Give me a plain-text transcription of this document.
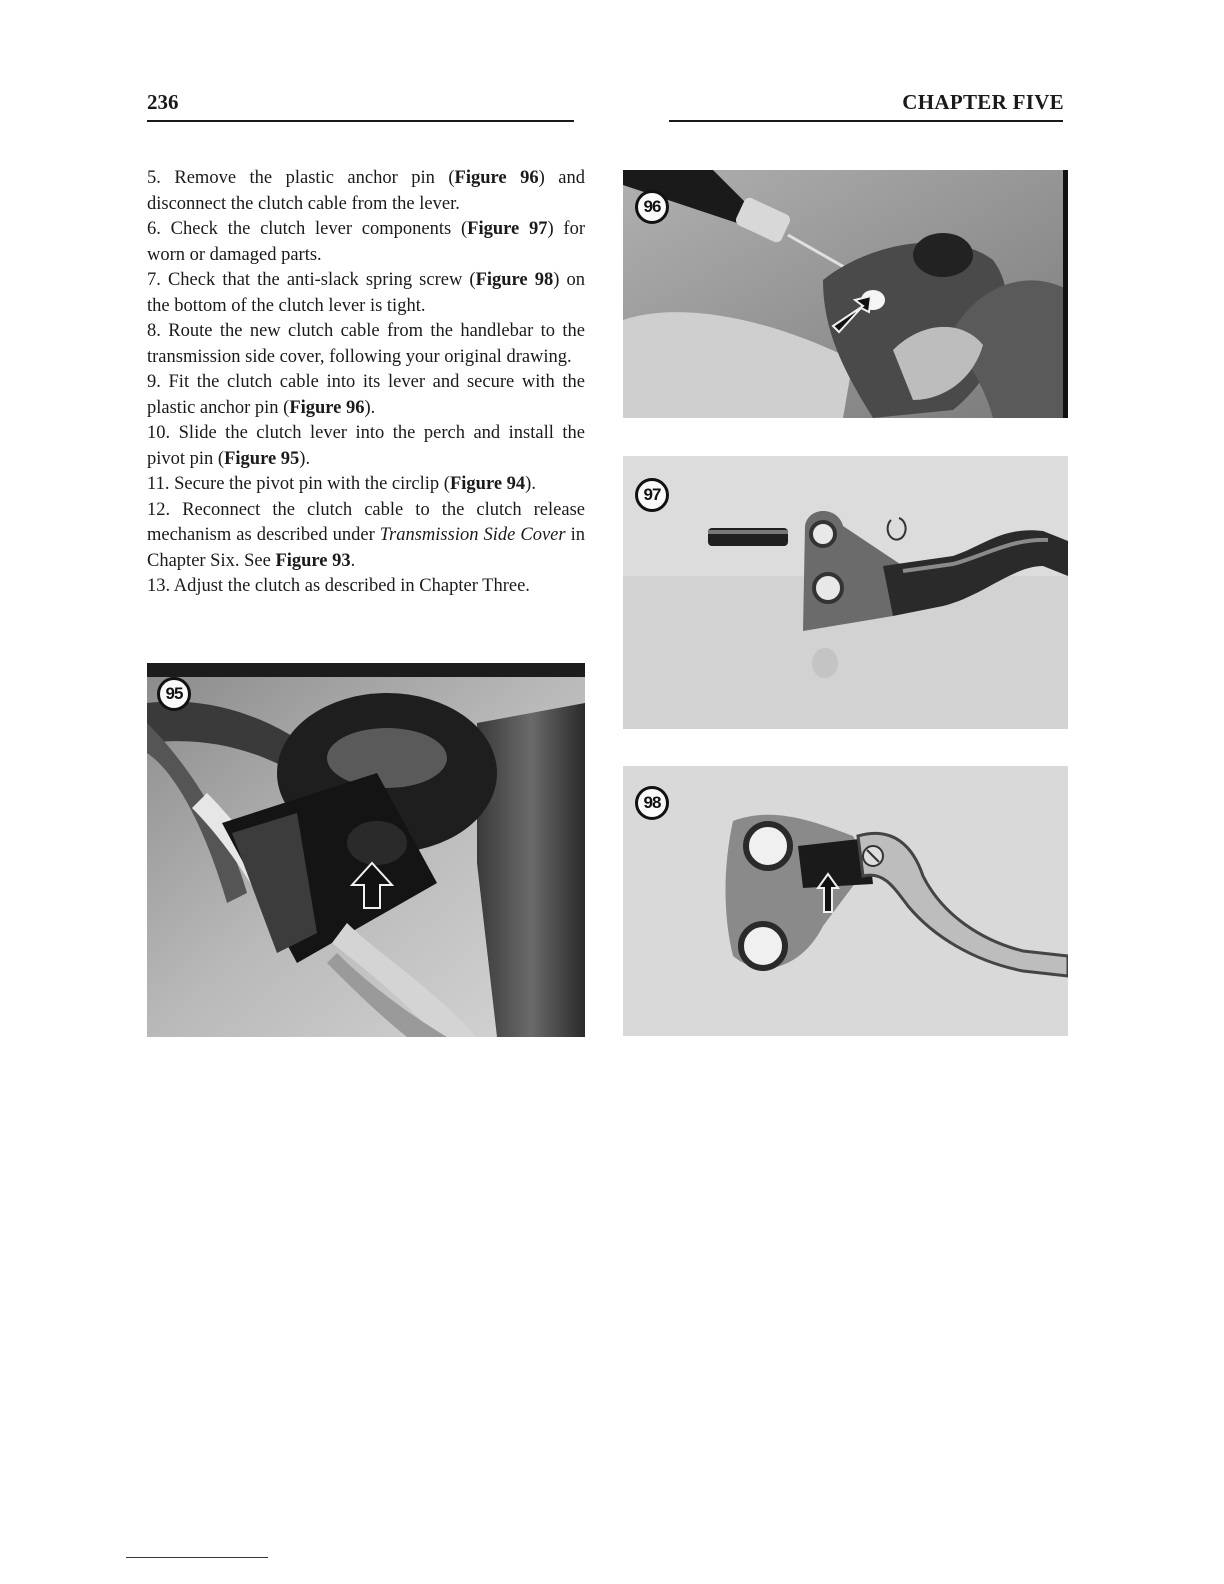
236	CHAPTER FIVE

5. Remove the plastic anchor pin (Figure 96) and disconnect the clutch cable from the lever.

6. Check the clutch lever components (Figure 97) for worn or damaged parts.

7. Check that the anti-slack spring screw (Figure 98) on the bottom of the clutch lever is tight.

8. Route the new clutch cable from the handlebar to the transmission side cover, following your original drawing.

9. Fit the clutch cable into its lever and secure with the plastic anchor pin (Figure 96).

10. Slide the clutch lever into the perch and install the pivot pin (Figure 95).

11. Secure the pivot pin with the circlip (Figure 94).

12. Reconnect the clutch cable to the clutch release mechanism as described under Transmission Side Cover in Chapter Six. See Figure 93.

13. Adjust the clutch as described in Chapter Three.

95
96
97
98
